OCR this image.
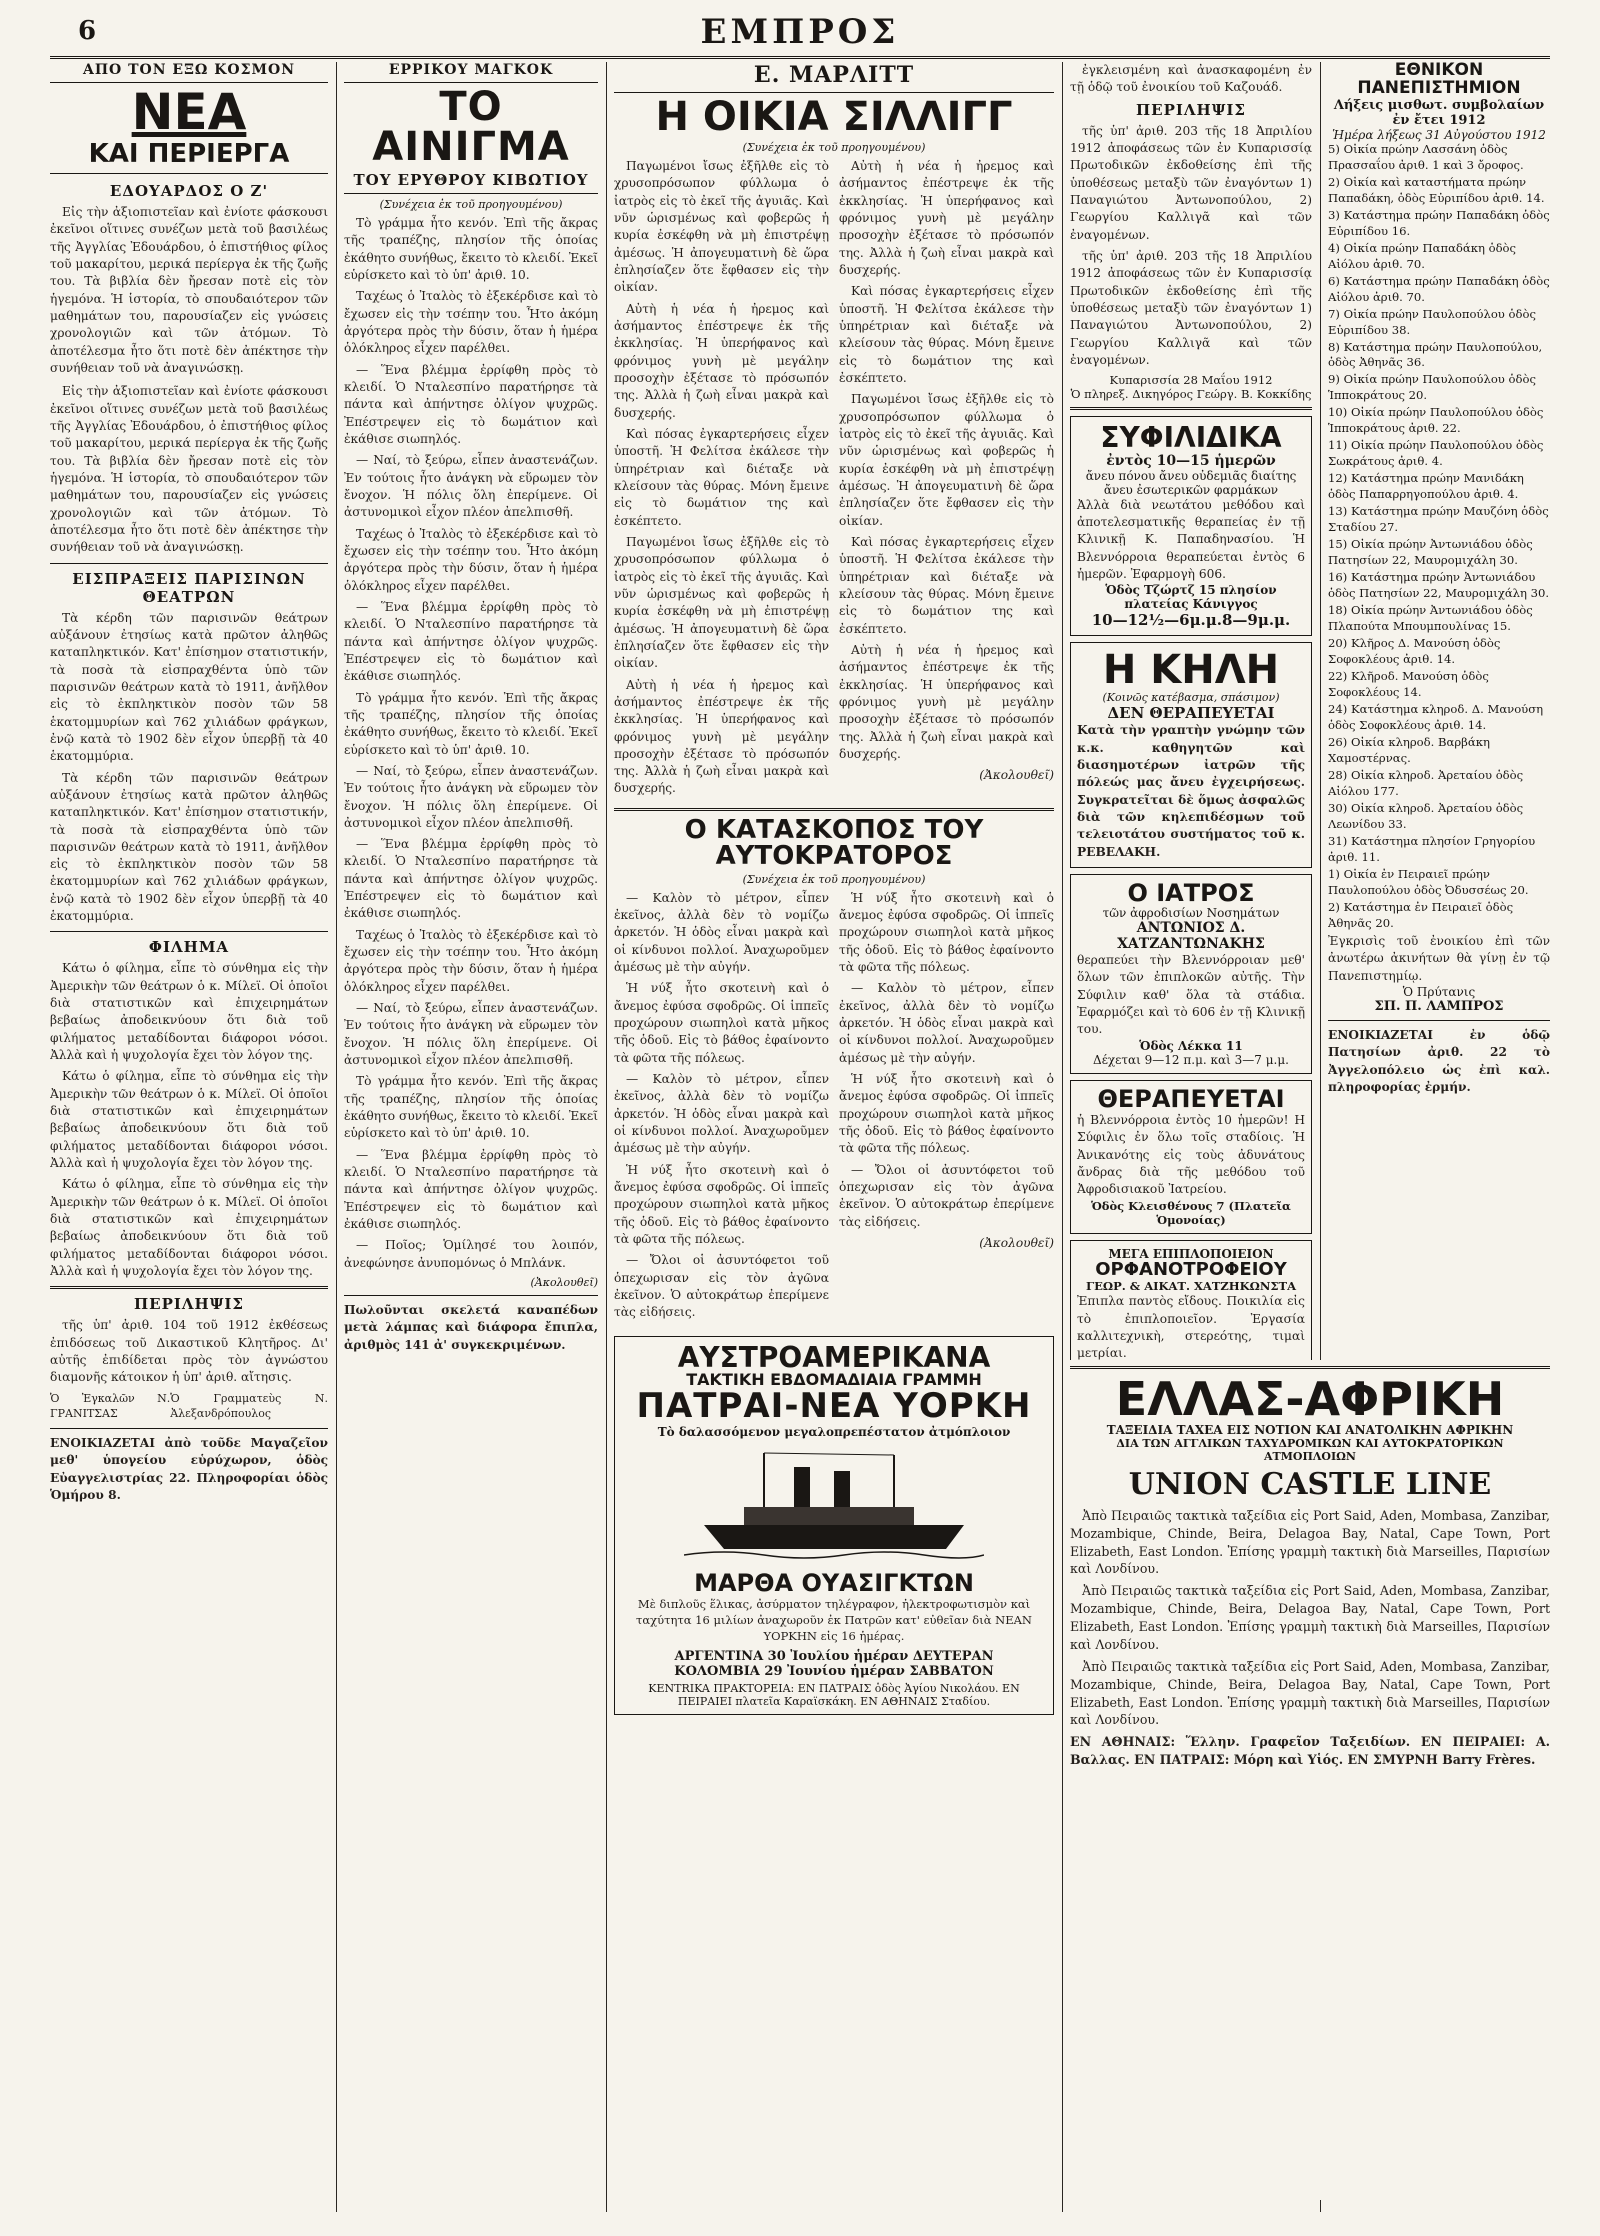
6	ΕΜΠΡΟΣ
ΑΠΟ ΤΟΝ ΕΞΩ ΚΟΣΜΟΝ
ΝΕΑ
ΚΑΙ ΠΕΡΙΕΡΓΑ
ΕΔΟΥΑΡΔΟΣ Ο Ζ'

Εἰς τὴν ἀξιοπιστεῖαν καὶ ἐνίοτε φάσκουσι ἐκεῖνοι οἵτινες συνέζων μετὰ τοῦ βασιλέως τῆς Ἀγγλίας Ἐδουάρδου, ὁ ἐπιστήθιος φίλος τοῦ μακαρίτου, μερικά περίεργα ἐκ τῆς ζωῆς του. Τὰ βιβλία δὲν ἤρεσαν ποτὲ εἰς τὸν ἡγεμόνα. Ἡ ἱστορία, τὸ σπουδαιότερον τῶν μαθημάτων του, παρουσίαζεν εἰς γνώσεις χρονολογιῶν καὶ τῶν ἀτόμων. Τὸ ἀποτέλεσμα ἦτο ὅτι ποτὲ δὲν ἀπέκτησε τὴν συνήθειαν τοῦ νὰ ἀναγινώσκῃ.

Εἰς τὴν ἀξιοπιστεῖαν καὶ ἐνίοτε φάσκουσι ἐκεῖνοι οἵτινες συνέζων μετὰ τοῦ βασιλέως τῆς Ἀγγλίας Ἐδουάρδου, ὁ ἐπιστήθιος φίλος τοῦ μακαρίτου, μερικά περίεργα ἐκ τῆς ζωῆς του. Τὰ βιβλία δὲν ἤρεσαν ποτὲ εἰς τὸν ἡγεμόνα. Ἡ ἱστορία, τὸ σπουδαιότερον τῶν μαθημάτων του, παρουσίαζεν εἰς γνώσεις χρονολογιῶν καὶ τῶν ἀτόμων. Τὸ ἀποτέλεσμα ἦτο ὅτι ποτὲ δὲν ἀπέκτησε τὴν συνήθειαν τοῦ νὰ ἀναγινώσκῃ.

ΕΙΣΠΡΑΞΕΙΣ ΠΑΡΙΣΙΝΩΝ ΘΕΑΤΡΩΝ

Τὰ κέρδη τῶν παρισινῶν θεάτρων αὐξάνουν ἐτησίως κατὰ πρῶτον ἀληθῶς καταπληκτικόν. Κατ' ἐπίσημον στατιστικήν, τὰ ποσὰ τὰ εἰσπραχθέντα ὑπὸ τῶν παρισινῶν θεάτρων κατὰ τὸ 1911, ἀνῆλθον εἰς τὸ ἐκπληκτικὸν ποσὸν τῶν 58 ἑκατομμυρίων καὶ 762 χιλιάδων φράγκων, ἐνῷ κατὰ τὸ 1902 δὲν εἶχον ὑπερβῇ τὰ 40 ἑκατομμύρια.

Τὰ κέρδη τῶν παρισινῶν θεάτρων αὐξάνουν ἐτησίως κατὰ πρῶτον ἀληθῶς καταπληκτικόν. Κατ' ἐπίσημον στατιστικήν, τὰ ποσὰ τὰ εἰσπραχθέντα ὑπὸ τῶν παρισινῶν θεάτρων κατὰ τὸ 1911, ἀνῆλθον εἰς τὸ ἐκπληκτικὸν ποσὸν τῶν 58 ἑκατομμυρίων καὶ 762 χιλιάδων φράγκων, ἐνῷ κατὰ τὸ 1902 δὲν εἶχον ὑπερβῇ τὰ 40 ἑκατομμύρια.

ΦΙΛΗΜΑ

Κάτω ὁ φίλημα, εἶπε τὸ σύνθημα εἰς τὴν Ἀμερικὴν τῶν θεάτρων ὁ κ. Μίλεϊ. Οἱ ὁποῖοι διὰ στατιστικῶν καὶ ἐπιχειρημάτων βεβαίως ἀποδεικνύουν ὅτι διὰ τοῦ φιλήματος μεταδίδονται διάφοροι νόσοι. Ἀλλὰ καὶ ἡ ψυχολογία ἔχει τὸν λόγον της.

Κάτω ὁ φίλημα, εἶπε τὸ σύνθημα εἰς τὴν Ἀμερικὴν τῶν θεάτρων ὁ κ. Μίλεϊ. Οἱ ὁποῖοι διὰ στατιστικῶν καὶ ἐπιχειρημάτων βεβαίως ἀποδεικνύουν ὅτι διὰ τοῦ φιλήματος μεταδίδονται διάφοροι νόσοι. Ἀλλὰ καὶ ἡ ψυχολογία ἔχει τὸν λόγον της.

Κάτω ὁ φίλημα, εἶπε τὸ σύνθημα εἰς τὴν Ἀμερικὴν τῶν θεάτρων ὁ κ. Μίλεϊ. Οἱ ὁποῖοι διὰ στατιστικῶν καὶ ἐπιχειρημάτων βεβαίως ἀποδεικνύουν ὅτι διὰ τοῦ φιλήματος μεταδίδονται διάφοροι νόσοι. Ἀλλὰ καὶ ἡ ψυχολογία ἔχει τὸν λόγον της.

ΠΕΡΙΛΗΨΙΣ

τῆς ὑπ' ἀριθ. 104 τοῦ 1912 ἐκθέσεως ἐπιδόσεως τοῦ Δικαστικοῦ Κλητῆρος. Δι' αὐτῆς ἐπιδίδεται πρὸς τὸν ἀγνώστου διαμονῆς κάτοικον ἡ ὑπ' ἀριθ. αἴτησις.

Ὁ Ἐγκαλῶν Ν. ΓΡΑΝΙΤΣΑΣ
Ὁ Γραμματεὺς Ν. Ἀλεξανδρόπουλος
ΕΝΟΙΚΙΑΖΕΤΑΙ ἀπὸ τοῦδε Μαγαζεῖον μεθ' ὑπογείου εὑρύχωρον, ὁδὸς Εὐαγγελιστρίας 22. Πληροφορίαι ὁδὸς Ὁμήρου 8.
ΕΡΡΙΚΟΥ ΜΑΓΚΟΚ
ΤΟ ΑΙΝΙΓΜΑ
ΤΟΥ ΕΡΥΘΡΟΥ ΚΙΒΩΤΙΟΥ
(Συνέχεια ἐκ τοῦ προηγουμένου)

Τὸ γράμμα ἦτο κενόν. Ἐπὶ τῆς ἄκρας τῆς τραπέζης, πλησίον τῆς ὁποίας ἐκάθητο συνήθως, ἔκειτο τὸ κλειδί. Ἐκεῖ εὑρίσκετο καὶ τὸ ὑπ' ἀριθ. 10.

Ταχέως ὁ Ἰταλὸς τὸ ἐξεκέρδισε καὶ τὸ ἔχωσεν εἰς τὴν τσέπην του. Ἦτο ἀκόμη ἀργότερα πρὸς τὴν δύσιν, ὅταν ἡ ἡμέρα ὁλόκληρος εἶχεν παρέλθει.

— Ἕνα βλέμμα ἐρρίφθη πρὸς τὸ κλειδί. Ὁ Νταλεσπίνο παρατήρησε τὰ πάντα καὶ ἀπήντησε ὀλίγον ψυχρῶς. Ἐπέστρεψεν εἰς τὸ δωμάτιον καὶ ἐκάθισε σιωπηλός.

— Ναί, τὸ ξεύρω, εἶπεν ἀναστενάζων. Ἐν τούτοις ἦτο ἀνάγκη νὰ εὕρωμεν τὸν ἔνοχον. Ἡ πόλις ὅλη ἐπερίμενε. Οἱ ἀστυνομικοὶ εἶχον πλέον ἀπελπισθῆ.

Ταχέως ὁ Ἰταλὸς τὸ ἐξεκέρδισε καὶ τὸ ἔχωσεν εἰς τὴν τσέπην του. Ἦτο ἀκόμη ἀργότερα πρὸς τὴν δύσιν, ὅταν ἡ ἡμέρα ὁλόκληρος εἶχεν παρέλθει.

— Ἕνα βλέμμα ἐρρίφθη πρὸς τὸ κλειδί. Ὁ Νταλεσπίνο παρατήρησε τὰ πάντα καὶ ἀπήντησε ὀλίγον ψυχρῶς. Ἐπέστρεψεν εἰς τὸ δωμάτιον καὶ ἐκάθισε σιωπηλός.

Τὸ γράμμα ἦτο κενόν. Ἐπὶ τῆς ἄκρας τῆς τραπέζης, πλησίον τῆς ὁποίας ἐκάθητο συνήθως, ἔκειτο τὸ κλειδί. Ἐκεῖ εὑρίσκετο καὶ τὸ ὑπ' ἀριθ. 10.

— Ναί, τὸ ξεύρω, εἶπεν ἀναστενάζων. Ἐν τούτοις ἦτο ἀνάγκη νὰ εὕρωμεν τὸν ἔνοχον. Ἡ πόλις ὅλη ἐπερίμενε. Οἱ ἀστυνομικοὶ εἶχον πλέον ἀπελπισθῆ.

— Ἕνα βλέμμα ἐρρίφθη πρὸς τὸ κλειδί. Ὁ Νταλεσπίνο παρατήρησε τὰ πάντα καὶ ἀπήντησε ὀλίγον ψυχρῶς. Ἐπέστρεψεν εἰς τὸ δωμάτιον καὶ ἐκάθισε σιωπηλός.

Ταχέως ὁ Ἰταλὸς τὸ ἐξεκέρδισε καὶ τὸ ἔχωσεν εἰς τὴν τσέπην του. Ἦτο ἀκόμη ἀργότερα πρὸς τὴν δύσιν, ὅταν ἡ ἡμέρα ὁλόκληρος εἶχεν παρέλθει.

— Ναί, τὸ ξεύρω, εἶπεν ἀναστενάζων. Ἐν τούτοις ἦτο ἀνάγκη νὰ εὕρωμεν τὸν ἔνοχον. Ἡ πόλις ὅλη ἐπερίμενε. Οἱ ἀστυνομικοὶ εἶχον πλέον ἀπελπισθῆ.

Τὸ γράμμα ἦτο κενόν. Ἐπὶ τῆς ἄκρας τῆς τραπέζης, πλησίον τῆς ὁποίας ἐκάθητο συνήθως, ἔκειτο τὸ κλειδί. Ἐκεῖ εὑρίσκετο καὶ τὸ ὑπ' ἀριθ. 10.

— Ἕνα βλέμμα ἐρρίφθη πρὸς τὸ κλειδί. Ὁ Νταλεσπίνο παρατήρησε τὰ πάντα καὶ ἀπήντησε ὀλίγον ψυχρῶς. Ἐπέστρεψεν εἰς τὸ δωμάτιον καὶ ἐκάθισε σιωπηλός.

— Ποῖος; Ὁμίλησέ του λοιπόν, ἀνεφώνησε ἀνυπομόνως ὁ Μπλάνκ.

(Ἀκολουθεῖ)
Πωλοῦνται σκελετά καναπέδων μετὰ λάμπας καὶ διάφορα ἔπιπλα, ἀριθμὸς 141 ἀ' συγκεκριμένων.
Ε. ΜΑΡΛΙΤΤ
Η ΟΙΚΙΑ ΣΙΛΛΙΓΓ
(Συνέχεια ἐκ τοῦ προηγουμένου)

Παγωμένοι ἴσως ἐξῆλθε εἰς τὸ χρυσοπρόσωπον φύλλωμα ὁ ἰατρὸς εἰς τὸ ἐκεῖ τῆς ἀγυιᾶς. Καὶ νῦν ὡρισμένως καὶ φοβερῶς ἡ κυρία ἐσκέφθη νὰ μὴ ἐπιστρέψῃ ἀμέσως. Ἡ ἀπογευματινὴ δὲ ὥρα ἐπλησίαζεν ὅτε ἔφθασεν εἰς τὴν οἰκίαν.

Αὐτὴ ἡ νέα ἡ ἠρεμος καὶ ἀσήμαντος ἐπέστρεψε ἐκ τῆς ἐκκλησίας. Ἡ ὑπερήφανος καὶ φρόνιμος γυνὴ μὲ μεγάλην προσοχὴν ἐξέτασε τὸ πρόσωπόν της. Ἀλλὰ ἡ ζωὴ εἶναι μακρὰ καὶ δυσχερής.

Καὶ πόσας ἐγκαρτερήσεις εἶχεν ὑποστῆ. Ἡ Φελίτσα ἐκάλεσε τὴν ὑπηρέτριαν καὶ διέταξε νὰ κλείσουν τὰς θύρας. Μόνη ἔμεινε εἰς τὸ δωμάτιον της καὶ ἐσκέπτετο.

Παγωμένοι ἴσως ἐξῆλθε εἰς τὸ χρυσοπρόσωπον φύλλωμα ὁ ἰατρὸς εἰς τὸ ἐκεῖ τῆς ἀγυιᾶς. Καὶ νῦν ὡρισμένως καὶ φοβερῶς ἡ κυρία ἐσκέφθη νὰ μὴ ἐπιστρέψῃ ἀμέσως. Ἡ ἀπογευματινὴ δὲ ὥρα ἐπλησίαζεν ὅτε ἔφθασεν εἰς τὴν οἰκίαν.

Αὐτὴ ἡ νέα ἡ ἠρεμος καὶ ἀσήμαντος ἐπέστρεψε ἐκ τῆς ἐκκλησίας. Ἡ ὑπερήφανος καὶ φρόνιμος γυνὴ μὲ μεγάλην προσοχὴν ἐξέτασε τὸ πρόσωπόν της. Ἀλλὰ ἡ ζωὴ εἶναι μακρὰ καὶ δυσχερής.

Αὐτὴ ἡ νέα ἡ ἠρεμος καὶ ἀσήμαντος ἐπέστρεψε ἐκ τῆς ἐκκλησίας. Ἡ ὑπερήφανος καὶ φρόνιμος γυνὴ μὲ μεγάλην προσοχὴν ἐξέτασε τὸ πρόσωπόν της. Ἀλλὰ ἡ ζωὴ εἶναι μακρὰ καὶ δυσχερής.

Καὶ πόσας ἐγκαρτερήσεις εἶχεν ὑποστῆ. Ἡ Φελίτσα ἐκάλεσε τὴν ὑπηρέτριαν καὶ διέταξε νὰ κλείσουν τὰς θύρας. Μόνη ἔμεινε εἰς τὸ δωμάτιον της καὶ ἐσκέπτετο.

Παγωμένοι ἴσως ἐξῆλθε εἰς τὸ χρυσοπρόσωπον φύλλωμα ὁ ἰατρὸς εἰς τὸ ἐκεῖ τῆς ἀγυιᾶς. Καὶ νῦν ὡρισμένως καὶ φοβερῶς ἡ κυρία ἐσκέφθη νὰ μὴ ἐπιστρέψῃ ἀμέσως. Ἡ ἀπογευματινὴ δὲ ὥρα ἐπλησίαζεν ὅτε ἔφθασεν εἰς τὴν οἰκίαν.

Καὶ πόσας ἐγκαρτερήσεις εἶχεν ὑποστῆ. Ἡ Φελίτσα ἐκάλεσε τὴν ὑπηρέτριαν καὶ διέταξε νὰ κλείσουν τὰς θύρας. Μόνη ἔμεινε εἰς τὸ δωμάτιον της καὶ ἐσκέπτετο.

Αὐτὴ ἡ νέα ἡ ἠρεμος καὶ ἀσήμαντος ἐπέστρεψε ἐκ τῆς ἐκκλησίας. Ἡ ὑπερήφανος καὶ φρόνιμος γυνὴ μὲ μεγάλην προσοχὴν ἐξέτασε τὸ πρόσωπόν της. Ἀλλὰ ἡ ζωὴ εἶναι μακρὰ καὶ δυσχερής.

(Ἀκολουθεῖ)
Ο ΚΑΤΑΣΚΟΠΟΣ ΤΟΥ ΑΥΤΟΚΡΑΤΟΡΟΣ
(Συνέχεια ἐκ τοῦ προηγουμένου)

— Καλὸν τὸ μέτρον, εἶπεν ἐκεῖνος, ἀλλὰ δὲν τὸ νομίζω ἀρκετόν. Ἡ ὁδὸς εἶναι μακρὰ καὶ οἱ κίνδυνοι πολλοί. Ἀναχωροῦμεν ἀμέσως μὲ τὴν αὐγήν.

Ἡ νύξ ἦτο σκοτεινὴ καὶ ὁ ἄνεμος ἐφύσα σφοδρῶς. Οἱ ἱππεῖς προχώρουν σιωπηλοὶ κατὰ μῆκος τῆς ὁδοῦ. Εἰς τὸ βάθος ἐφαίνοντο τὰ φῶτα τῆς πόλεως.

— Καλὸν τὸ μέτρον, εἶπεν ἐκεῖνος, ἀλλὰ δὲν τὸ νομίζω ἀρκετόν. Ἡ ὁδὸς εἶναι μακρὰ καὶ οἱ κίνδυνοι πολλοί. Ἀναχωροῦμεν ἀμέσως μὲ τὴν αὐγήν.

Ἡ νύξ ἦτο σκοτεινὴ καὶ ὁ ἄνεμος ἐφύσα σφοδρῶς. Οἱ ἱππεῖς προχώρουν σιωπηλοὶ κατὰ μῆκος τῆς ὁδοῦ. Εἰς τὸ βάθος ἐφαίνοντο τὰ φῶτα τῆς πόλεως.

— Ὄλοι οἱ ἀσυντόφετοι τοῦ ὁπεχωρισαν εἰς τὸν ἀγῶνα ἐκεῖνον. Ὁ αὐτοκράτωρ ἐπερίμενε τὰς εἰδήσεις.

Ἡ νύξ ἦτο σκοτεινὴ καὶ ὁ ἄνεμος ἐφύσα σφοδρῶς. Οἱ ἱππεῖς προχώρουν σιωπηλοὶ κατὰ μῆκος τῆς ὁδοῦ. Εἰς τὸ βάθος ἐφαίνοντο τὰ φῶτα τῆς πόλεως.

— Καλὸν τὸ μέτρον, εἶπεν ἐκεῖνος, ἀλλὰ δὲν τὸ νομίζω ἀρκετόν. Ἡ ὁδὸς εἶναι μακρὰ καὶ οἱ κίνδυνοι πολλοί. Ἀναχωροῦμεν ἀμέσως μὲ τὴν αὐγήν.

Ἡ νύξ ἦτο σκοτεινὴ καὶ ὁ ἄνεμος ἐφύσα σφοδρῶς. Οἱ ἱππεῖς προχώρουν σιωπηλοὶ κατὰ μῆκος τῆς ὁδοῦ. Εἰς τὸ βάθος ἐφαίνοντο τὰ φῶτα τῆς πόλεως.

— Ὄλοι οἱ ἀσυντόφετοι τοῦ ὁπεχωρισαν εἰς τὸν ἀγῶνα ἐκεῖνον. Ὁ αὐτοκράτωρ ἐπερίμενε τὰς εἰδήσεις.

(Ἀκολουθεῖ)
ΑΥΣΤΡΟΑΜΕΡΙΚΑΝΑ
ΤΑΚΤΙΚΗ ΕΒΔΟΜΑΔΙΑΙΑ ΓΡΑΜΜΗ
ΠΑΤΡΑΙ-ΝΕΑ ΥΟΡΚΗ
Τὸ δαλασσόμενον μεγαλοπρεπέστατον ἀτμόπλοιον
ΜΑΡΘΑ ΟΥΑΣΙΓΚΤΩΝ
Μὲ διπλοῦς ἕλικας, ἀσύρματον τηλέγραφον, ἠλεκτροφωτισμὸν καὶ ταχύτητα 16 μιλίων ἀναχωροῦν ἐκ Πατρῶν κατ' εὐθεῖαν διὰ ΝΕΑΝ ΥΟΡΚΗΝ εἰς 16 ἡμέρας.
ΑΡΓΕΝΤΙΝΑ 30 Ἰουλίου ἡμέραν ΔΕΥΤΕΡΑΝ
ΚΟΛΟΜΒΙΑ 29 Ἰουνίου ἡμέραν ΣΑΒΒΑΤΟΝ
KENTRIKA ΠΡΑΚΤΟΡΕΙΑ: ΕΝ ΠΑΤΡΑΙΣ ὁδὸς Ἀγίου Νικολάου. ΕΝ ΠΕΙΡΑΙΕΙ πλατεῖα Καραϊσκάκη. ΕΝ ΑΘΗΝΑΙΣ Σταδίου.

ἐγκλεισμένη καὶ ἀνασκαφομένη ἐν τῇ ὁδῷ τοῦ ἐνοικίου τοῦ Καζουάδ.

ΠΕΡΙΛΗΨΙΣ

τῆς ὑπ' ἀριθ. 203 τῆς 18 Ἀπριλίου 1912 ἀποφάσεως τῶν ἐν Κυπαρισσίᾳ Πρωτοδικῶν ἐκδοθείσης ἐπὶ τῆς ὑποθέσεως μεταξὺ τῶν ἐναγόντων 1) Παναγιώτου Ἀντωνοπούλου, 2) Γεωργίου Καλλιγᾶ καὶ τῶν ἐναγομένων.

τῆς ὑπ' ἀριθ. 203 τῆς 18 Ἀπριλίου 1912 ἀποφάσεως τῶν ἐν Κυπαρισσίᾳ Πρωτοδικῶν ἐκδοθείσης ἐπὶ τῆς ὑποθέσεως μεταξὺ τῶν ἐναγόντων 1) Παναγιώτου Ἀντωνοπούλου, 2) Γεωργίου Καλλιγᾶ καὶ τῶν ἐναγομένων.

Κυπαρισσία 28 Μαΐου 1912
Ὁ πληρεξ. Δικηγόρος Γεώργ. Β. Κοκκίδης
ΣΥΦΙΛΙΔΙΚΑ
ἐντὸς 10—15 ἡμερῶν
ἄνευ πόνου ἄνευ οὐδεμιᾶς διαίτης ἄνευ ἐσωτερικῶν φαρμάκων
Ἀλλὰ διὰ νεωτάτου μεθόδου καὶ ἀποτελεσματικῆς θεραπείας ἐν τῇ Κλινικῇ Κ. Παπαδηνασίου. Ἡ Βλεννόρροια θεραπεύεται ἐντὸς 6 ἡμερῶν. Ἐφαρμογὴ 606.
Ὁδὸς Τζώρτζ 15 πλησίον πλατείας Κάνιγγος
10—12½—6μ.μ.8—9μ.μ.
Η ΚΗΛΗ
(Κοινῶς κατέβασμα, σπάσιμον)
ΔΕΝ ΘΕΡΑΠΕΥΕΤΑΙ
Κατὰ τὴν γραπτὴν γνώμην τῶν κ.κ. καθηγητῶν καὶ διασημοτέρων ἰατρῶν τῆς πόλεώς μας ἄνευ ἐγχειρήσεως. Συγκρατεῖται δὲ ὅμως ἀσφαλῶς διὰ τῶν κηλεπιδέσμων τοῦ τελειοτάτου συστήματος τοῦ κ. ΡΕΒΕΛΑΚΗ.
Ο ΙΑΤΡΟΣ
τῶν ἀφροδισίων Νοσημάτων
ΑΝΤΩΝΙΟΣ Δ. ΧΑΤΖΑΝΤΩΝΑΚΗΣ
θεραπεύει τὴν Βλεννόρροιαν μεθ' ὅλων τῶν ἐπιπλοκῶν αὐτῆς. Τὴν Σύφιλιν καθ' ὅλα τὰ στάδια. Ἐφαρμόζει καὶ τὸ 606 ἐν τῇ Κλινικῇ του.
Ὁδὸς Λέκκα 11
Δέχεται 9—12 π.μ. καὶ 3—7 μ.μ.
ΘΕΡΑΠΕΥΕΤΑΙ
ἡ Βλεννόρροια ἐντὸς 10 ἡμερῶν! Η Σύφιλις ἐν ὅλω τοῖς σταδίοις. Ἡ Ἀνικανότης εἰς τοὺς ἀδυνάτους ἄνδρας διὰ τῆς μεθόδου τοῦ Ἀφροδισιακοῦ Ἰατρείου.
Ὁδὸς Κλεισθένους 7 (Πλατεῖα Ὁμονοίας)
ΜΕΓΑ ΕΠΙΠΛΟΠΟΙΕΙΟΝ
ΟΡΦΑΝΟΤΡΟΦΕΙΟΥ
ΓΕΩΡ. & ΑΙΚΑΤ. ΧΑΤΖΗΚΩΝΣΤΑ
Ἐπιπλα παντὸς εἴδους. Ποικιλία εἰς τὸ ἐπιπλοποιεῖον. Ἐργασία καλλιτεχνικὴ, στερεότης, τιμαὶ μετρίαι.
ΕΘΝΙΚΟΝ ΠΑΝΕΠΙΣΤΗΜΙΟΝ
Λήξεις μισθωτ. συμβολαίων ἐν ἔτει 1912
Ἡμέρα λήξεως 31 Αὐγούστου 1912
5) Οἰκία πρώην Λασσάνη ὁδὸς Πρασσαΐου ἀριθ. 1 καὶ 3 ὄροφος.
2) Οἰκία καὶ καταστήματα πρώην Παπαδάκη, ὁδὸς Εὐριπίδου ἀριθ. 14.
3) Κατάστημα πρώην Παπαδάκη ὁδὸς Εὐριπίδου 16.
4) Οἰκία πρώην Παπαδάκη ὁδὸς Αἰόλου ἀριθ. 70.
6) Κατάστημα πρώην Παπαδάκη ὁδὸς Αἰόλου ἀριθ. 70.
7) Οἰκία πρώην Παυλοπούλου ὁδὸς Εὐριπίδου 38.
8) Κατάστημα πρώην Παυλοπούλου, ὁδὸς Ἀθηνᾶς 36.
9) Οἰκία πρώην Παυλοπούλου ὁδὸς Ἱπποκράτους 20.
10) Οἰκία πρώην Παυλοπούλου ὁδὸς Ἱπποκράτους ἀριθ. 22.
11) Οἰκία πρώην Παυλοπούλου ὁδὸς Σωκράτους ἀριθ. 4.
12) Κατάστημα πρώην Μανιδάκη ὁδὸς Παπαρρηγοπούλου ἀριθ. 4.
13) Κατάστημα πρώην Μαυζόνη ὁδὸς Σταδίου 27.
15) Οἰκία πρώην Ἀντωνιάδου ὁδὸς Πατησίων 22, Μαυρομιχάλη 30.
16) Κατάστημα πρώην Ἀντωνιάδου ὁδὸς Πατησίων 22, Μαυρομιχάλη 30.
18) Οἰκία πρώην Ἀντωνιάδου ὁδὸς Πλαπούτα Μπουμπουλίνας 15.
20) Κλῆρος Δ. Μανούση ὁδὸς Σοφοκλέους ἀριθ. 14.
22) Κλῆροδ. Μανούση ὁδὸς Σοφοκλέους 14.
24) Κατάστημα κληροδ. Δ. Μανούση ὁδὸς Σοφοκλέους ἀριθ. 14.
26) Οἰκία κληροδ. Βαρβάκη Χαμοστέρνας.
28) Οἰκία κληροδ. Ἀρεταίου ὁδὸς Αἰόλου 177.
30) Οἰκία κληροδ. Ἀρεταίου ὁδὸς Λεωνίδου 33.
31) Κατάστημα πλησίον Γρηγορίου ἀριθ. 11.
1) Οἰκία ἐν Πειραιεῖ πρώην Παυλοπούλου ὁδὸς Ὀδυσσέως 20.
2) Κατάστημα ἐν Πειραιεῖ ὁδὸς Ἀθηνᾶς 20.
Ἐγκρισὶς τοῦ ἐνοικίου ἐπὶ τῶν ἀνωτέρω ἀκινήτων θὰ γίνῃ ἐν τῷ Πανεπιστημίῳ.
Ὁ Πρύτανις
ΣΠ. Π. ΛΑΜΠΡΟΣ
ΕΝΟΙΚΙΑΖΕΤΑΙ ἐν ὁδῷ Πατησίων ἀριθ. 22 τὸ Ἀγγελοπόλειο ὡς ἐπὶ καλ. πληροφορίας ἐρμήν.
ΕΛΛΑΣ-ΑΦΡΙΚΗ
ΤΑΞΕΙΔΙΑ ΤΑΧΕΑ ΕΙΣ ΝΟΤΙΟΝ ΚΑΙ ΑΝΑΤΟΛΙΚΗΝ ΑΦΡΙΚΗΝ
ΔΙΑ ΤΩΝ ΑΓΓΛΙΚΩΝ ΤΑΧΥΔΡΟΜΙΚΩΝ ΚΑΙ ΑΥΤΟΚΡΑΤΟΡΙΚΩΝ ΑΤΜΟΠΛΟΙΩΝ
UNION CASTLE LINE

Ἀπὸ Πειραιῶς τακτικὰ ταξείδια εἰς Port Said, Aden, Mombasa, Zanzibar, Mozambique, Chinde, Beira, Delagoa Bay, Natal, Cape Town, Port Elizabeth, East London. Ἐπίσης γραμμὴ τακτικὴ διὰ Marseilles, Παρισίων καὶ Λονδίνου.

Ἀπὸ Πειραιῶς τακτικὰ ταξείδια εἰς Port Said, Aden, Mombasa, Zanzibar, Mozambique, Chinde, Beira, Delagoa Bay, Natal, Cape Town, Port Elizabeth, East London. Ἐπίσης γραμμὴ τακτικὴ διὰ Marseilles, Παρισίων καὶ Λονδίνου.

Ἀπὸ Πειραιῶς τακτικὰ ταξείδια εἰς Port Said, Aden, Mombasa, Zanzibar, Mozambique, Chinde, Beira, Delagoa Bay, Natal, Cape Town, Port Elizabeth, East London. Ἐπίσης γραμμὴ τακτικὴ διὰ Marseilles, Παρισίων καὶ Λονδίνου.

ΕΝ ΑΘΗΝΑΙΣ: Ἕλλην. Γραφεῖον Ταξειδίων. ΕΝ ΠΕΙΡΑΙΕΙ: Α. Βαλλας. ΕΝ ΠΑΤΡΑΙΣ: Μόρη καὶ Υἱός. ΕΝ ΣΜΥΡΝΗ Barry Frères.
